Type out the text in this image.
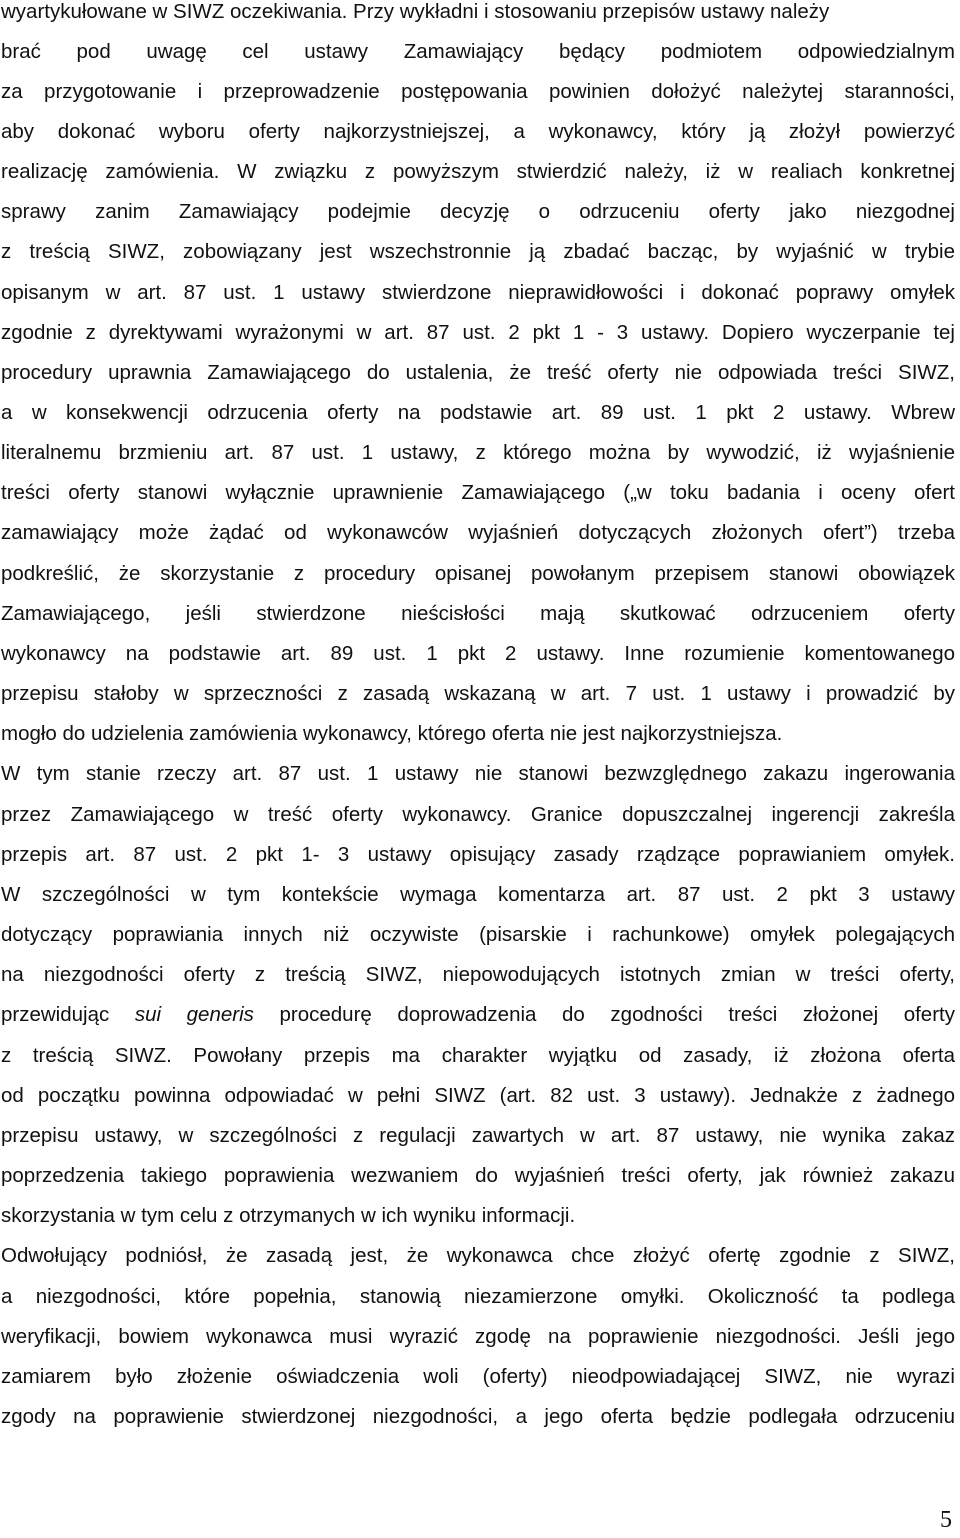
wyartykułowane w SIWZ oczekiwania. Przy wykładni i stosowaniu przepisów ustawy należy
brać pod uwagę cel ustawy Zamawiający będący podmiotem odpowiedzialnym
za przygotowanie i przeprowadzenie postępowania powinien dołożyć należytej staranności,
aby dokonać wyboru oferty najkorzystniejszej, a wykonawcy, który ją złożył powierzyć
realizację zamówienia. W związku z powyższym stwierdzić należy, iż w realiach konkretnej
sprawy zanim Zamawiający podejmie decyzję o odrzuceniu oferty jako niezgodnej
z treścią SIWZ, zobowiązany jest wszechstronnie ją zbadać bacząc, by wyjaśnić w trybie
opisanym w art. 87 ust. 1 ustawy stwierdzone nieprawidłowości i dokonać poprawy omyłek
zgodnie z dyrektywami wyrażonymi w art. 87 ust. 2 pkt 1 - 3 ustawy. Dopiero wyczerpanie tej
procedury uprawnia Zamawiającego do ustalenia, że treść oferty nie odpowiada treści SIWZ,
a w konsekwencji odrzucenia oferty na podstawie art. 89 ust. 1 pkt 2 ustawy. Wbrew
literalnemu brzmieniu art. 87 ust. 1 ustawy, z którego można by wywodzić, iż wyjaśnienie
treści oferty stanowi wyłącznie uprawnienie Zamawiającego („w toku badania i oceny ofert
zamawiający może żądać od wykonawców wyjaśnień dotyczących złożonych ofert”) trzeba
podkreślić, że skorzystanie z procedury opisanej powołanym przepisem stanowi obowiązek
Zamawiającego, jeśli stwierdzone nieścisłości mają skutkować odrzuceniem oferty
wykonawcy na podstawie art. 89 ust. 1 pkt 2 ustawy. Inne rozumienie komentowanego
przepisu stałoby w sprzeczności z zasadą wskazaną w art. 7 ust. 1 ustawy i prowadzić by
mogło do udzielenia zamówienia wykonawcy, którego oferta nie jest najkorzystniejsza.
W tym stanie rzeczy art. 87 ust. 1 ustawy nie stanowi bezwzględnego zakazu ingerowania
przez Zamawiającego w treść oferty wykonawcy. Granice dopuszczalnej ingerencji zakreśla
przepis art. 87 ust. 2 pkt 1- 3 ustawy opisujący zasady rządzące poprawianiem omyłek.
W szczególności w tym kontekście wymaga komentarza art. 87 ust. 2 pkt 3 ustawy
dotyczący poprawiania innych niż oczywiste (pisarskie i rachunkowe) omyłek polegających
na niezgodności oferty z treścią SIWZ, niepowodujących istotnych zmian w treści oferty,
przewidując sui generis procedurę doprowadzenia do zgodności treści złożonej oferty
z treścią SIWZ. Powołany przepis ma charakter wyjątku od zasady, iż złożona oferta
od początku powinna odpowiadać w pełni SIWZ (art. 82 ust. 3 ustawy). Jednakże z żadnego
przepisu ustawy, w szczególności z regulacji zawartych w art. 87 ustawy, nie wynika zakaz
poprzedzenia takiego poprawienia wezwaniem do wyjaśnień treści oferty, jak również zakazu
skorzystania w tym celu z otrzymanych w ich wyniku informacji.
Odwołujący podniósł, że zasadą jest, że wykonawca chce złożyć ofertę zgodnie z SIWZ,
a niezgodności, które popełnia, stanowią niezamierzone omyłki. Okoliczność ta podlega
weryfikacji, bowiem wykonawca musi wyrazić zgodę na poprawienie niezgodności. Jeśli jego
zamiarem było złożenie oświadczenia woli (oferty) nieodpowiadającej SIWZ, nie wyrazi
zgody na poprawienie stwierdzonej niezgodności, a jego oferta będzie podlegała odrzuceniu
5
